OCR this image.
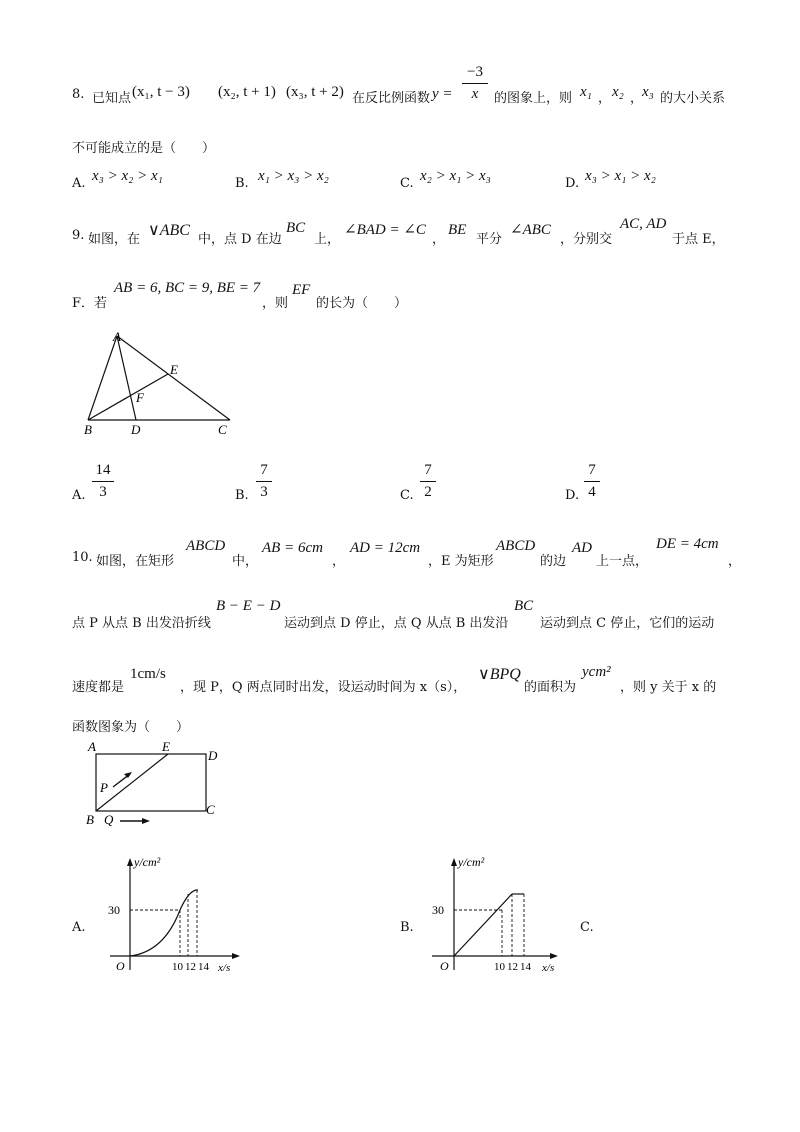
8. 已知点 (x₁, t − 3) (x₂, t + 1) (x₃, t + 2) 在反比例函数 y =
−3
x	的图象上，则 x₁ ， x₂ ，
x₃ 的大小关系
不可能成立的是（　　）
A. x₃ > x₂ > x₁	B. x₁ > x₃ > x₂	C. x₂ > x₁ > x₃	D. x₃ > x₁ > x₂
9. 如图，在
∨ABC
中，点 D 在边
BC
上，
∠BAD = ∠C
，
BE
平分
∠ABC
，分别交
AC, AD
于点 E，
F．若
AB = 6, BC = 9, BE = 7
，则
EF
的长为（　　）
A
E
F
B	D	C
A.
14
3	B.
7
3	C.
7
2	D.
7
4
10. 如图，在矩形
ABCD
中，
AB = 6cm
，
AD = 12cm
，E 为矩形
ABCD
的边
AD
上一点，
DE = 4cm
，
点 P 从点 B 出发沿折线
B − E − D
运动到点 D 停止，点 Q 从点 B 出发沿
BC
运动到点 C 停止，它们的运动
速度都是
1cm/s
，现 P，Q 两点同时出发，设运动时间为 x（s），
∨BPQ
的面积为
ycm²
，则 y 关于 x 的
函数图象为（　　）
A	E
D
P
B Q
C
A.
y/cm²
30
O	10 12 14 x/s
B.
y/cm²
30
O	10 12 14 x/s
C.
